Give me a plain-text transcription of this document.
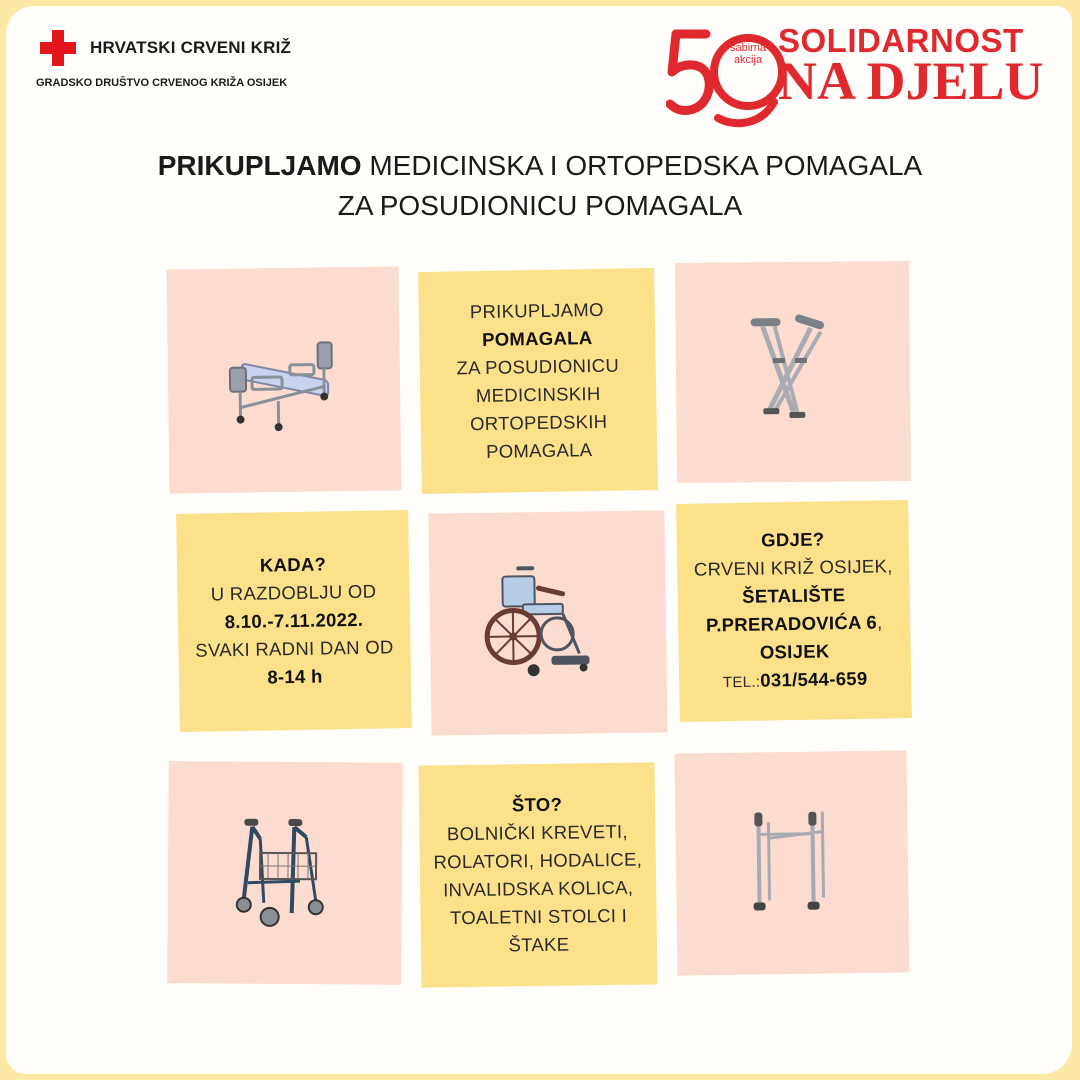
HRVATSKI CRVENI KRIŽ
GRADSKO DRUŠTVO CRVENOG KRIŽA OSIJEK
sabirna
akcija
SOLIDARNOST
NA DJELU
PRIKUPLJAMO MEDICINSKA I ORTOPEDSKA POMAGALA
ZA POSUDIONICU POMAGALA
PRIKUPLJAMO
POMAGALA
ZA POSUDIONICU
MEDICINSKIH
ORTOPEDSKIH
POMAGALA
KADA?
U RAZDOBLJU OD
8.10.-7.11.2022.
SVAKI RADNI DAN OD
8-14 h
GDJE?
CRVENI KRIŽ OSIJEK,
ŠETALIŠTE
P.PRERADOVIĆA 6,
OSIJEK
TEL.:031/544-659
ŠTO?
BOLNIČKI KREVETI,
ROLATORI, HODALICE,
INVALIDSKA KOLICA,
TOALETNI STOLCI I
ŠTAKE
